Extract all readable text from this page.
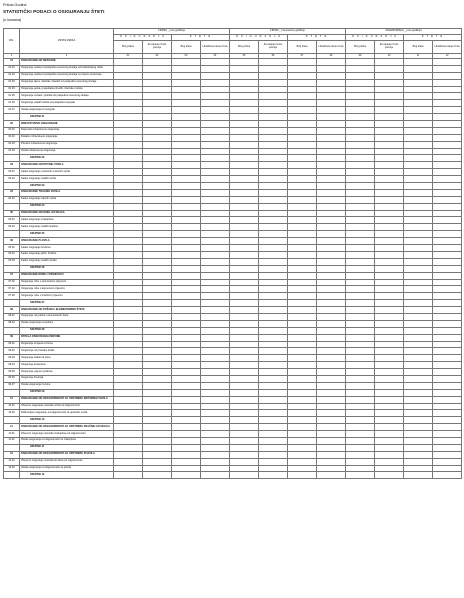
Prilozi.Godine
STATISTIČKI PODACI O OSIGURANJU ŠTETI
(u kunama)
Rbr.	VRSTE RIZIKA	FINIMA _ prva godišnja				FINIMA _ Imperetivne godišnje				FRAMATIMSKA _ prva godišnja			
		O S I G U R A N J A		Š T E T E		O S I G U R A N J A		Š T E T E		O S I G U R A N J A		Š T E T E	
		Broj polica	Za ukupan iznos premije	Broj šteta	Likvidirane štete iznos	Broj polica	Za ukupan iznos premije	Broj šteta	Likvidirane štete iznos	Broj polica	Za ukupan iznos premije	Broj šteta	Likvidirane štete iznos
1	2	01	02	03	04	05	06	07	08	09	10	11	12
01	OSIGURANJE OD NEZGODE												
01.01	Osiguranje osoba od posljedica nesretnog slučaja od kratkotrajnog rizika												
01.02	Osiguranje osoba od posljedica nesretnog slučaja za vrijeme putovanja												
01.03	Osiguranje djece i školske mladeži od posljedica nesretnog slučaja												
01.04	Osiguranje gosta, posjetitelja priredbi, izletnika i turista												
01.05	Osiguranje vozača i putnika od posljedica nesretnog slučaja												
01.06	Osiguranje ostalih osoba od posljedica nezgode												
01.07	Ostala osiguranja od nezgode												
	SKUPNO 01												
02	ZDRAVSTVENO OSIGURANJE												
02.01	Dopunsko zdravstveno osiguranje												
02.02	Dodatno zdravstveno osiguranje												
02.03	Privatno zdravstveno osiguranje												
02.04	Ostala zdravstvena osiguranja												
	SKUPNO 02												
03	OSIGURANJE CESTOVNIH VOZILA												
03.01	Kasko osiguranje cestovnih motornih vozila												
03.02	Kasko osiguranje ostalih vozila												
	SKUPNO 03												
04	OSIGURANJE TRAČNIH VOZILA												
04.01	Kasko osiguranje tračnih vozila												
	SKUPNO 04												
05	OSIGURANJE ZRAČNIH LETJELICA												
05.01	Kasko osiguranje zrakoplova												
05.02	Kasko osiguranje ostalih letjelica												
	SKUPNO 05												
06	OSIGURANJE PLOVILA												
06.01	Kasko osiguranje brodova												
06.02	Kasko osiguranje jahti i brodica												
06.03	Kasko osiguranje ostalih plovila												
	SKUPNO 06												
07	OSIGURANJE ROBE U PRIJEVOZU												
07.01	Osiguranje robe u pomorskom prijevozu												
07.02	Osiguranje robe u kopnenom prijevozu												
07.03	Osiguranje robe u zračnom prijevozu												
	SKUPNO 07												
08	OSIGURANJE OD POŽARA I ELEMENTARNIH ŠTETA												
08.01	Osiguranje od požara i elementarnih šteta												
08.02	Ostala osiguranja od požara												
	SKUPNO 08												
09	OSTALA OSIGURANJA IMOVINE												
09.01	Osiguranje strojeva od loma												
09.02	Osiguranje od provalne krađe												
09.03	Osiguranje stakla od loma												
09.04	Osiguranje kućanstva												
09.05	Osiguranje usjeva i plodova												
09.06	Osiguranje životinja												
09.07	Ostala osiguranja imovine												
	SKUPNO 09												
10	OSIGURANJE OD ODGOVORNOSTI ZA UPOTREBU MOTORNIH VOZILA												
10.01	Obvezno osiguranje vlasnika vozila od odgovornosti												
10.02	Dobrovoljno osiguranje od odgovornosti za upotrebu vozila												
	SKUPNO 10												
11	OSIGURANJE OD ODGOVORNOSTI ZA UPOTREBU ZRAČNIH LETJELICA												
11.01	Obvezno osiguranje vlasnika zrakoplova od odgovornosti												
11.02	Ostala osiguranja od odgovornosti za zrakoplove												
	SKUPNO 11												
12	OSIGURANJE OD ODGOVORNOSTI ZA UPOTREBU PLOVILA												
12.01	Obvezno osiguranje vlasnika brodova od odgovornosti												
12.02	Ostala osiguranja od odgovornosti za plovila												
	SKUPNO 12												
